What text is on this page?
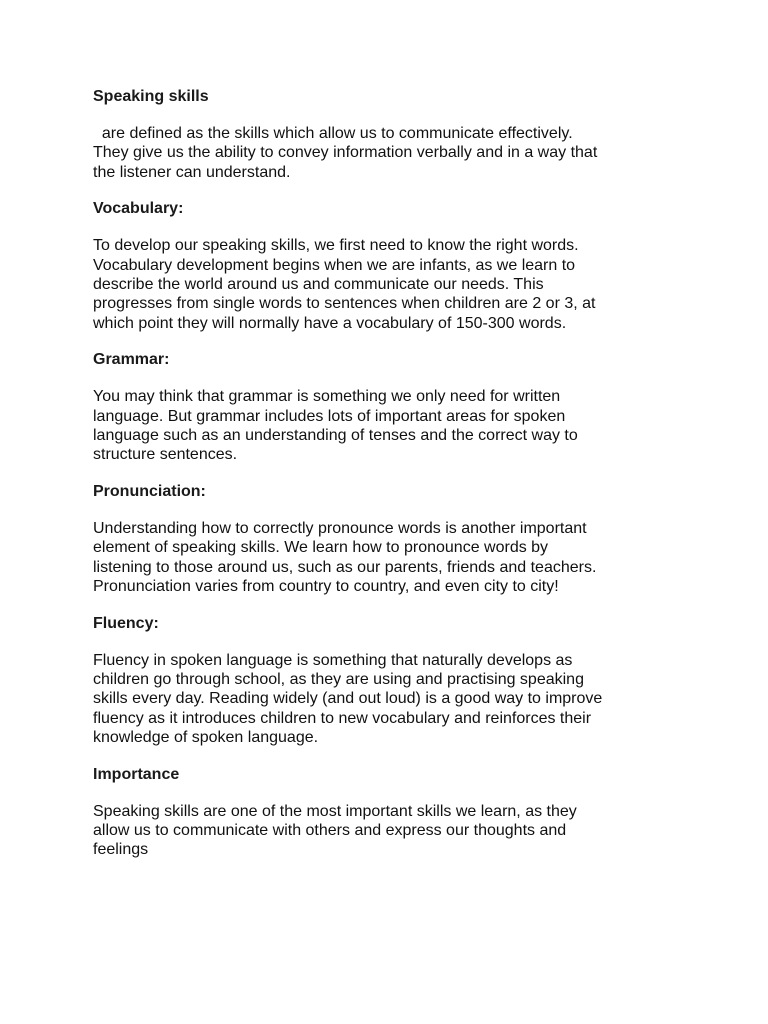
Speaking skills
are defined as the skills which allow us to communicate effectively.
They give us the ability to convey information verbally and in a way that
the listener can understand.
Vocabulary:
To develop our speaking skills, we first need to know the right words.
Vocabulary development begins when we are infants, as we learn to
describe the world around us and communicate our needs. This
progresses from single words to sentences when children are 2 or 3, at
which point they will normally have a vocabulary of 150-300 words.
Grammar:
You may think that grammar is something we only need for written
language. But grammar includes lots of important areas for spoken
language such as an understanding of tenses and the correct way to
structure sentences.
Pronunciation:
Understanding how to correctly pronounce words is another important
element of speaking skills. We learn how to pronounce words by
listening to those around us, such as our parents, friends and teachers.
Pronunciation varies from country to country, and even city to city!
Fluency:
Fluency in spoken language is something that naturally develops as
children go through school, as they are using and practising speaking
skills every day. Reading widely (and out loud) is a good way to improve
fluency as it introduces children to new vocabulary and reinforces their
knowledge of spoken language.
Importance
Speaking skills are one of the most important skills we learn, as they
allow us to communicate with others and express our thoughts and
feelings
